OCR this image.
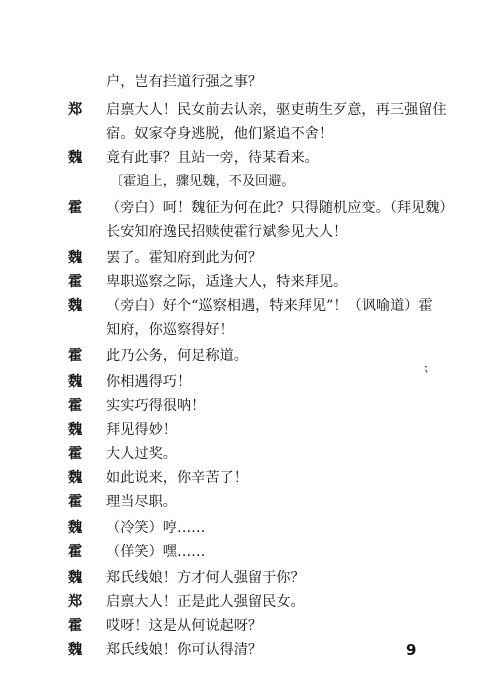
户，岂有拦道行强之事？
郑	启禀大人！民女前去认亲，驱吏萌生歹意，再三强留住
宿。奴家夺身逃脱，他们紧追不舍！
魏	竟有此事？且站一旁，待某看来。
〔霍追上，骤见魏，不及回避。
霍	（旁白）呵！魏征为何在此？只得随机应变。（拜见魏）
长安知府逸民招赎使霍行斌参见大人！
魏	罢了。霍知府到此为何？
霍	卑职巡察之际，适逢大人，特来拜见。
魏	（旁白）好个“巡察相遇，特来拜见”！（讽喻道）霍
知府，你巡察得好！
霍	此乃公务，何足称道。
魏	你相遇得巧！
霍	实实巧得很呐！
魏	拜见得妙！
霍	大人过奖。
魏	如此说来，你辛苦了！
霍	理当尽职。
魏	（冷笑）哼……
霍	（佯笑）嘿……
魏	郑氏线娘！方才何人强留于你？
郑	启禀大人！正是此人强留民女。
霍	哎呀！这是从何说起呀？
魏	郑氏线娘！你可认得清？
⁏
9
